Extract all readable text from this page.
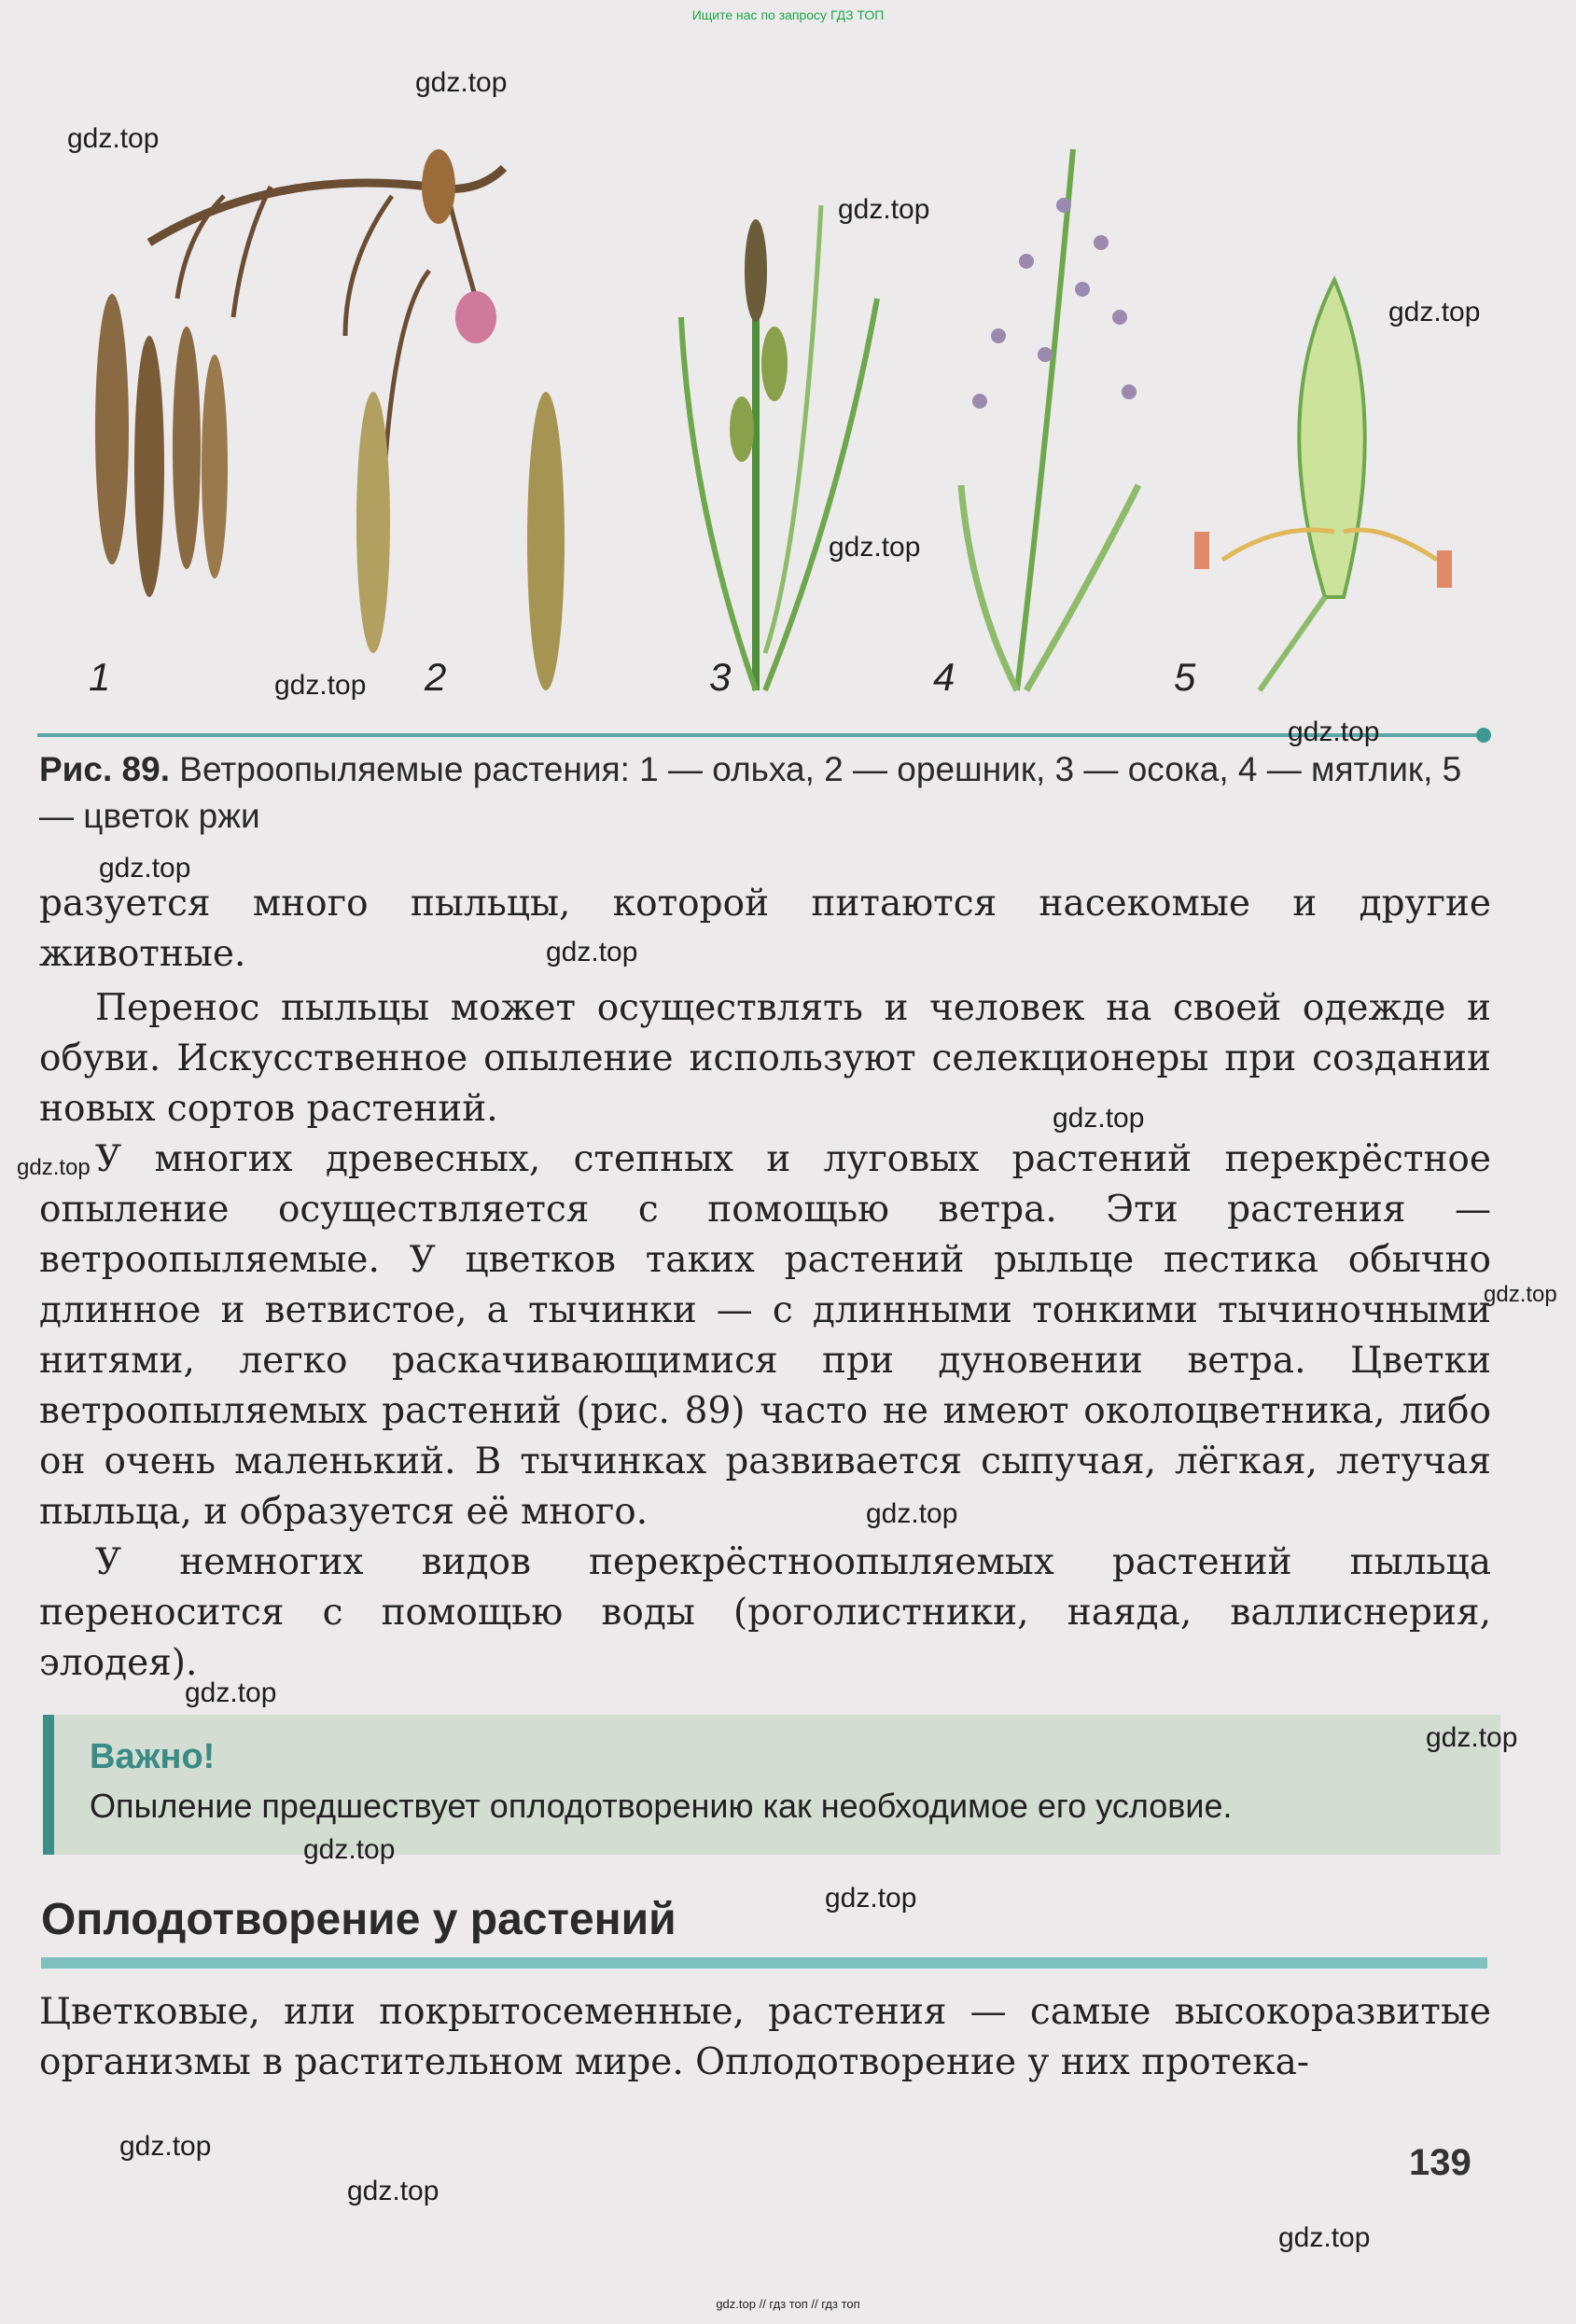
Ищите нас по запросу ГДЗ ТОП
1	2	3	4	5
Рис. 89. Ветроопыляемые растения: 1 — ольха, 2 — орешник, 3 — осока, 4 — мятлик, 5 — цветок ржи
разуется много пыльцы, которой питаются насекомые и другие животные.
Перенос пыльцы может осуществлять и человек на своей одежде и обуви. Искусственное опыление используют селекционеры при создании новых сортов растений.
У многих древесных, степных и луговых растений перекрёстное опыление осуществляется с помощью ветра. Эти растения — ветроопыляемые. У цветков таких растений рыльце пестика обычно длинное и ветвистое, а тычинки — с длинными тонкими тычиночными нитями, легко раскачивающимися при дуновении ветра. Цветки ветроопыляемых растений (рис. 89) часто не имеют околоцветника, либо он очень маленький. В тычинках развивается сыпучая, лёгкая, летучая пыльца, и образуется её много.
У немногих видов перекрёстноопыляемых растений пыльца переносится с помощью воды (роголистники, наяда, валлиснерия, элодея).
Важно!
Опыление предшествует оплодотворению как необходимое его условие.
Оплодотворение у растений
Цветковые, или покрытосеменные, растения — самые высокоразвитые организмы в растительном мире. Оплодотворение у них протека-
139
gdz.top
gdz.top
gdz.top
gdz.top
gdz.top
gdz.top
gdz.top
gdz.top
gdz.top
gdz.top
gdz.top
gdz.top
gdz.top
gdz.top
gdz.top
gdz.top
gdz.top
gdz.top
gdz.top
gdz.top
gdz.top // гдз топ // гдз топ
